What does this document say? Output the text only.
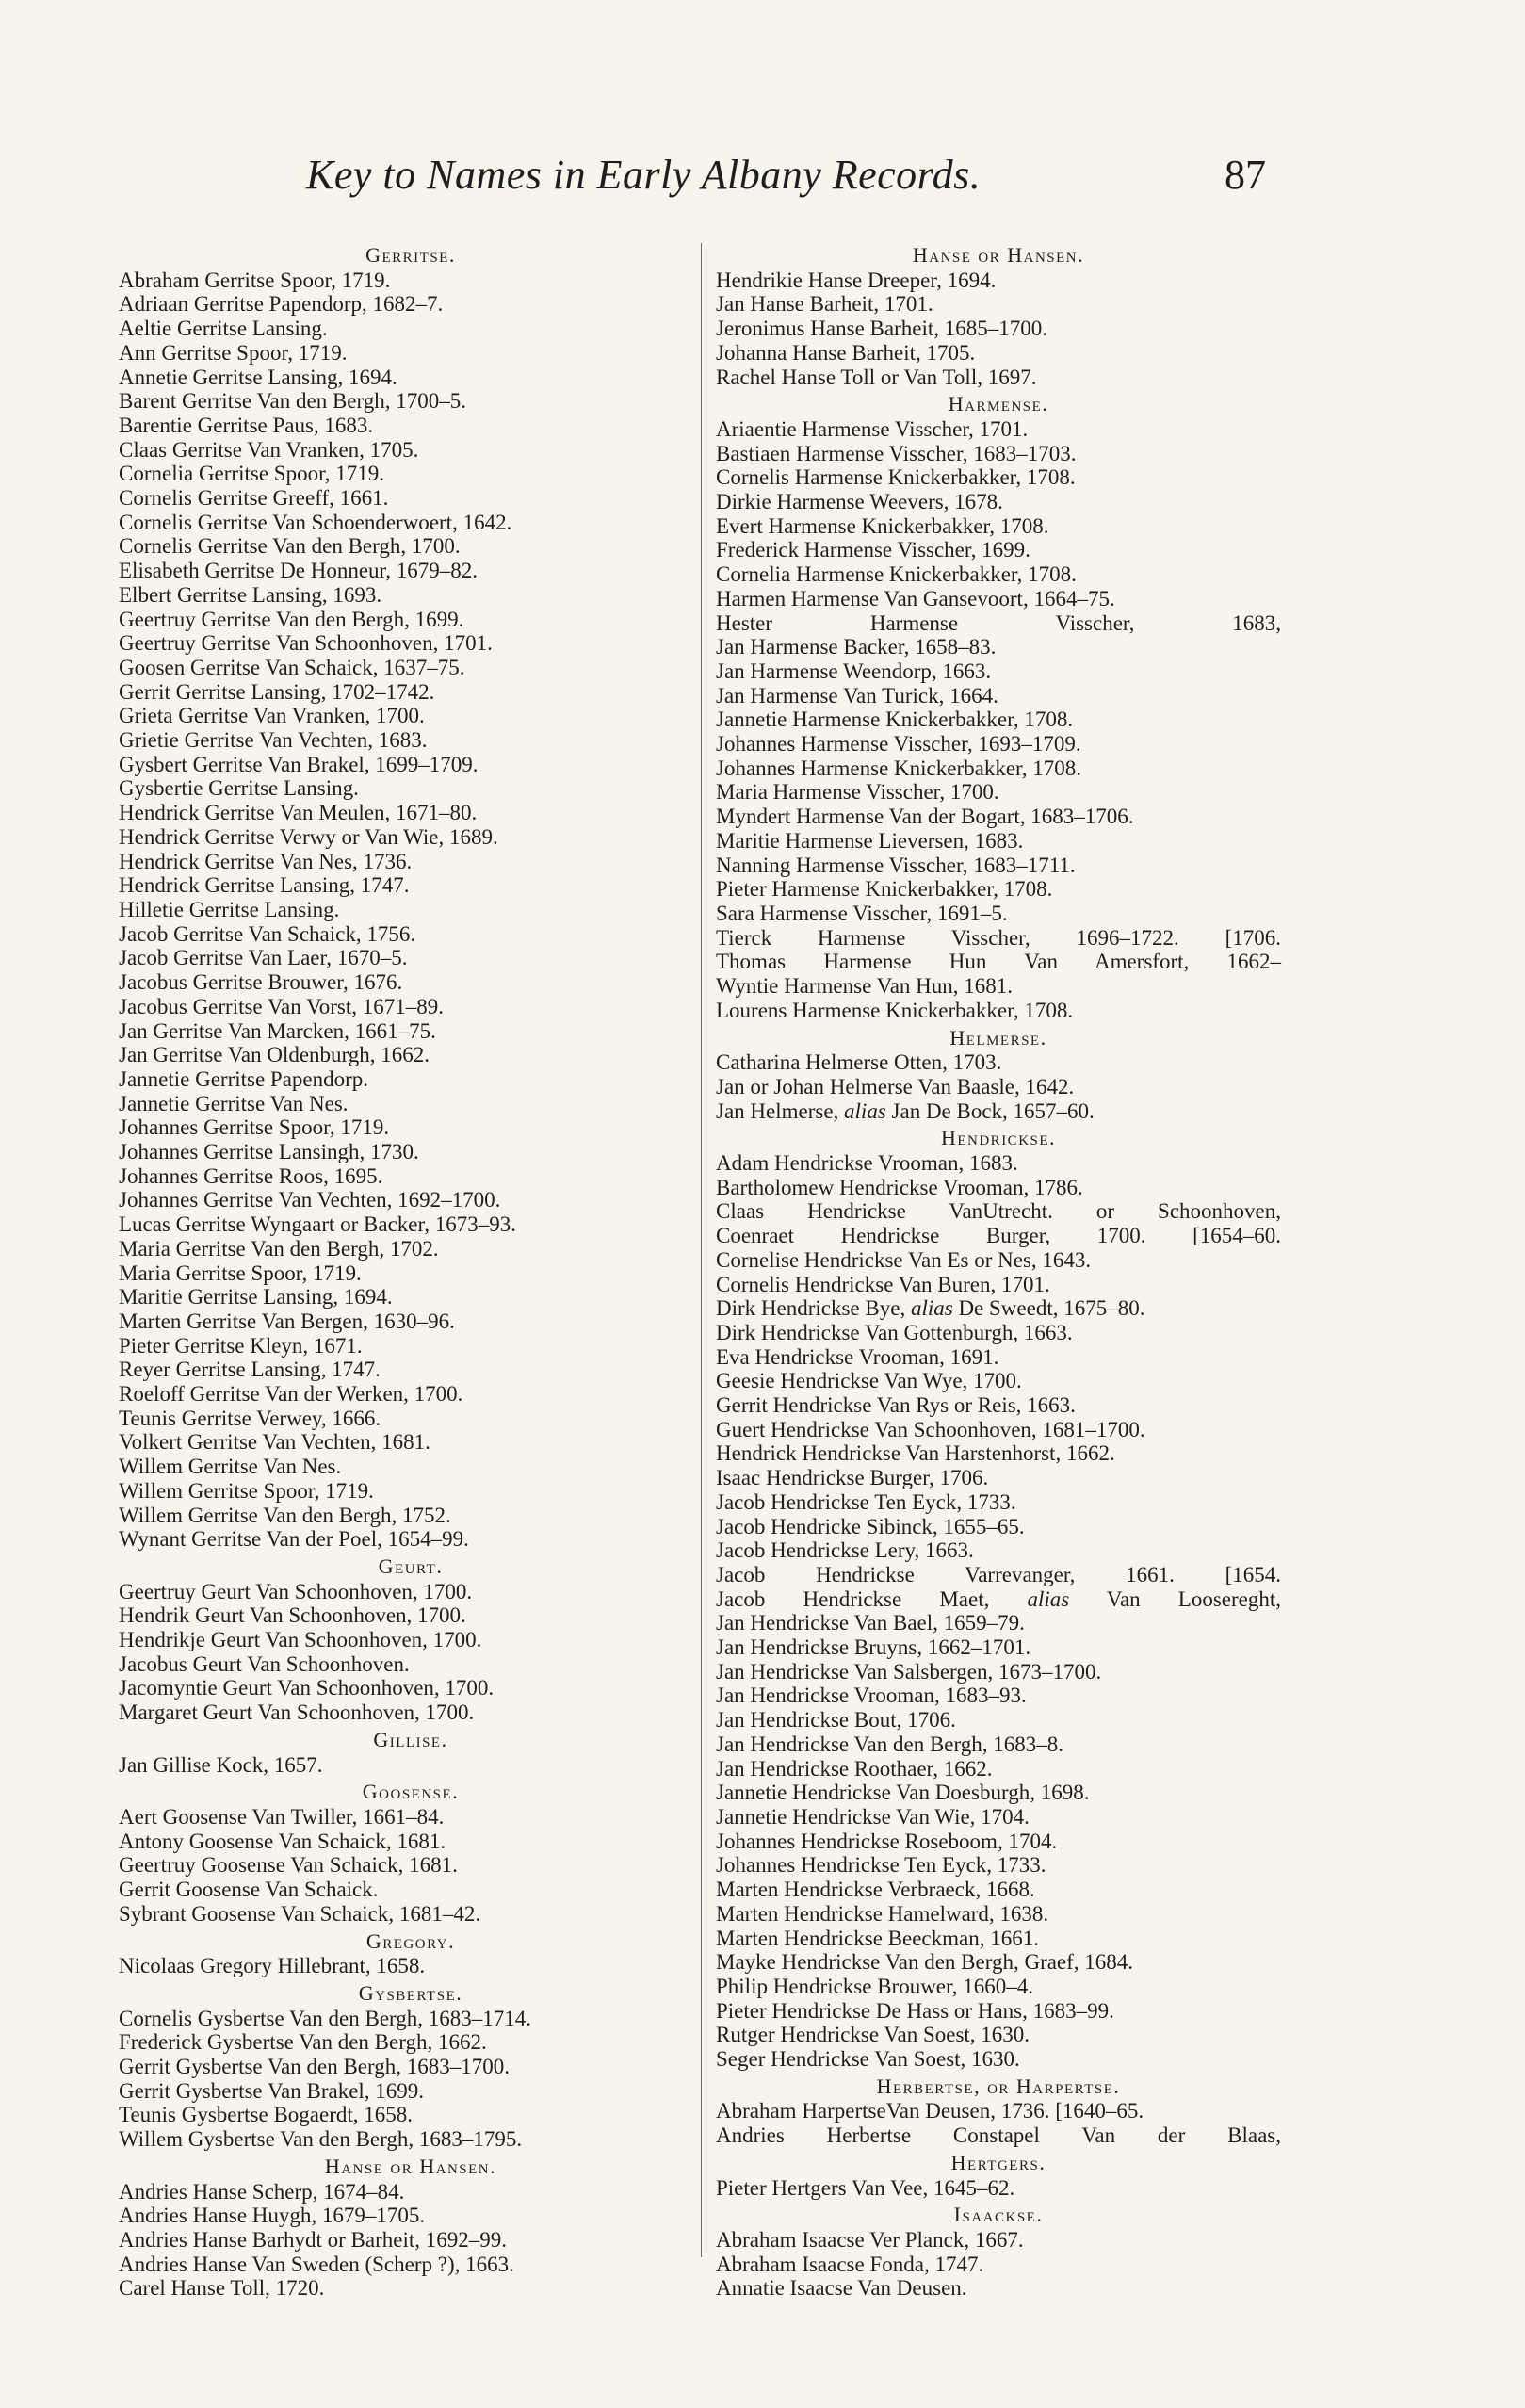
Key to Names in Early Albany Records.	87
Gerritse.
Abraham Gerritse Spoor, 1719.
Adriaan Gerritse Papendorp, 1682–7.
Aeltie Gerritse Lansing.
Ann Gerritse Spoor, 1719.
Annetie Gerritse Lansing, 1694.
Barent Gerritse Van den Bergh, 1700–5.
Barentie Gerritse Paus, 1683.
Claas Gerritse Van Vranken, 1705.
Cornelia Gerritse Spoor, 1719.
Cornelis Gerritse Greeff, 1661.
Cornelis Gerritse Van Schoenderwoert, 1642.
Cornelis Gerritse Van den Bergh, 1700.
Elisabeth Gerritse De Honneur, 1679–82.
Elbert Gerritse Lansing, 1693.
Geertruy Gerritse Van den Bergh, 1699.
Geertruy Gerritse Van Schoonhoven, 1701.
Goosen Gerritse Van Schaick, 1637–75.
Gerrit Gerritse Lansing, 1702–1742.
Grieta Gerritse Van Vranken, 1700.
Grietie Gerritse Van Vechten, 1683.
Gysbert Gerritse Van Brakel, 1699–1709.
Gysbertie Gerritse Lansing.
Hendrick Gerritse Van Meulen, 1671–80.
Hendrick Gerritse Verwy or Van Wie, 1689.
Hendrick Gerritse Van Nes, 1736.
Hendrick Gerritse Lansing, 1747.
Hilletie Gerritse Lansing.
Jacob Gerritse Van Schaick, 1756.
Jacob Gerritse Van Laer, 1670–5.
Jacobus Gerritse Brouwer, 1676.
Jacobus Gerritse Van Vorst, 1671–89.
Jan Gerritse Van Marcken, 1661–75.
Jan Gerritse Van Oldenburgh, 1662.
Jannetie Gerritse Papendorp.
Jannetie Gerritse Van Nes.
Johannes Gerritse Spoor, 1719.
Johannes Gerritse Lansingh, 1730.
Johannes Gerritse Roos, 1695.
Johannes Gerritse Van Vechten, 1692–1700.
Lucas Gerritse Wyngaart or Backer, 1673–93.
Maria Gerritse Van den Bergh, 1702.
Maria Gerritse Spoor, 1719.
Maritie Gerritse Lansing, 1694.
Marten Gerritse Van Bergen, 1630–96.
Pieter Gerritse Kleyn, 1671.
Reyer Gerritse Lansing, 1747.
Roeloff Gerritse Van der Werken, 1700.
Teunis Gerritse Verwey, 1666.
Volkert Gerritse Van Vechten, 1681.
Willem Gerritse Van Nes.
Willem Gerritse Spoor, 1719.
Willem Gerritse Van den Bergh, 1752.
Wynant Gerritse Van der Poel, 1654–99.
Geurt.
Geertruy Geurt Van Schoonhoven, 1700.
Hendrik Geurt Van Schoonhoven, 1700.
Hendrikje Geurt Van Schoonhoven, 1700.
Jacobus Geurt Van Schoonhoven.
Jacomyntie Geurt Van Schoonhoven, 1700.
Margaret Geurt Van Schoonhoven, 1700.
Gillise.
Jan Gillise Kock, 1657.
Goosense.
Aert Goosense Van Twiller, 1661–84.
Antony Goosense Van Schaick, 1681.
Geertruy Goosense Van Schaick, 1681.
Gerrit Goosense Van Schaick.
Sybrant Goosense Van Schaick, 1681–42.
Gregory.
Nicolaas Gregory Hillebrant, 1658.
Gysbertse.
Cornelis Gysbertse Van den Bergh, 1683–1714.
Frederick Gysbertse Van den Bergh, 1662.
Gerrit Gysbertse Van den Bergh, 1683–1700.
Gerrit Gysbertse Van Brakel, 1699.
Teunis Gysbertse Bogaerdt, 1658.
Willem Gysbertse Van den Bergh, 1683–1795.
Hanse or Hansen.
Andries Hanse Scherp, 1674–84.
Andries Hanse Huygh, 1679–1705.
Andries Hanse Barhydt or Barheit, 1692–99.
Andries Hanse Van Sweden (Scherp ?), 1663.
Carel Hanse Toll, 1720.
Hanse or Hansen.
Hendrikie Hanse Dreeper, 1694.
Jan Hanse Barheit, 1701.
Jeronimus Hanse Barheit, 1685–1700.
Johanna Hanse Barheit, 1705.
Rachel Hanse Toll or Van Toll, 1697.
Harmense.
Ariaentie Harmense Visscher, 1701.
Bastiaen Harmense Visscher, 1683–1703.
Cornelis Harmense Knickerbakker, 1708.
Dirkie Harmense Weevers, 1678.
Evert Harmense Knickerbakker, 1708.
Frederick Harmense Visscher, 1699.
Cornelia Harmense Knickerbakker, 1708.
Harmen Harmense Van Gansevoort, 1664–75.
Hester Harmense Visscher, 1683,
Jan Harmense Backer, 1658–83.
Jan Harmense Weendorp, 1663.
Jan Harmense Van Turick, 1664.
Jannetie Harmense Knickerbakker, 1708.
Johannes Harmense Visscher, 1693–1709.
Johannes Harmense Knickerbakker, 1708.
Maria Harmense Visscher, 1700.
Myndert Harmense Van der Bogart, 1683–1706.
Maritie Harmense Lieversen, 1683.
Nanning Harmense Visscher, 1683–1711.
Pieter Harmense Knickerbakker, 1708.
Sara Harmense Visscher, 1691–5.
Tierck Harmense Visscher, 1696–1722. [1706.
Thomas Harmense Hun Van Amersfort, 1662–
Wyntie Harmense Van Hun, 1681.
Lourens Harmense Knickerbakker, 1708.
Helmerse.
Catharina Helmerse Otten, 1703.
Jan or Johan Helmerse Van Baasle, 1642.
Jan Helmerse, alias Jan De Bock, 1657–60.
Hendrickse.
Adam Hendrickse Vrooman, 1683.
Bartholomew Hendrickse Vrooman, 1786.
Claas Hendrickse VanUtrecht. or Schoonhoven,
Coenraet Hendrickse Burger, 1700. [1654–60.
Cornelise Hendrickse Van Es or Nes, 1643.
Cornelis Hendrickse Van Buren, 1701.
Dirk Hendrickse Bye, alias De Sweedt, 1675–80.
Dirk Hendrickse Van Gottenburgh, 1663.
Eva Hendrickse Vrooman, 1691.
Geesie Hendrickse Van Wye, 1700.
Gerrit Hendrickse Van Rys or Reis, 1663.
Guert Hendrickse Van Schoonhoven, 1681–1700.
Hendrick Hendrickse Van Harstenhorst, 1662.
Isaac Hendrickse Burger, 1706.
Jacob Hendrickse Ten Eyck, 1733.
Jacob Hendricke Sibinck, 1655–65.
Jacob Hendrickse Lery, 1663.
Jacob Hendrickse Varrevanger, 1661. [1654.
Jacob Hendrickse Maet, alias Van Loosereght,
Jan Hendrickse Van Bael, 1659–79.
Jan Hendrickse Bruyns, 1662–1701.
Jan Hendrickse Van Salsbergen, 1673–1700.
Jan Hendrickse Vrooman, 1683–93.
Jan Hendrickse Bout, 1706.
Jan Hendrickse Van den Bergh, 1683–8.
Jan Hendrickse Roothaer, 1662.
Jannetie Hendrickse Van Doesburgh, 1698.
Jannetie Hendrickse Van Wie, 1704.
Johannes Hendrickse Roseboom, 1704.
Johannes Hendrickse Ten Eyck, 1733.
Marten Hendrickse Verbraeck, 1668.
Marten Hendrickse Hamelward, 1638.
Marten Hendrickse Beeckman, 1661.
Mayke Hendrickse Van den Bergh, Graef, 1684.
Philip Hendrickse Brouwer, 1660–4.
Pieter Hendrickse De Hass or Hans, 1683–99.
Rutger Hendrickse Van Soest, 1630.
Seger Hendrickse Van Soest, 1630.
Herbertse, or Harpertse.
Abraham HarpertseVan Deusen, 1736. [1640–65.
Andries Herbertse Constapel Van der Blaas,
Hertgers.
Pieter Hertgers Van Vee, 1645–62.
Isaackse.
Abraham Isaacse Ver Planck, 1667.
Abraham Isaacse Fonda, 1747.
Annatie Isaacse Van Deusen.
